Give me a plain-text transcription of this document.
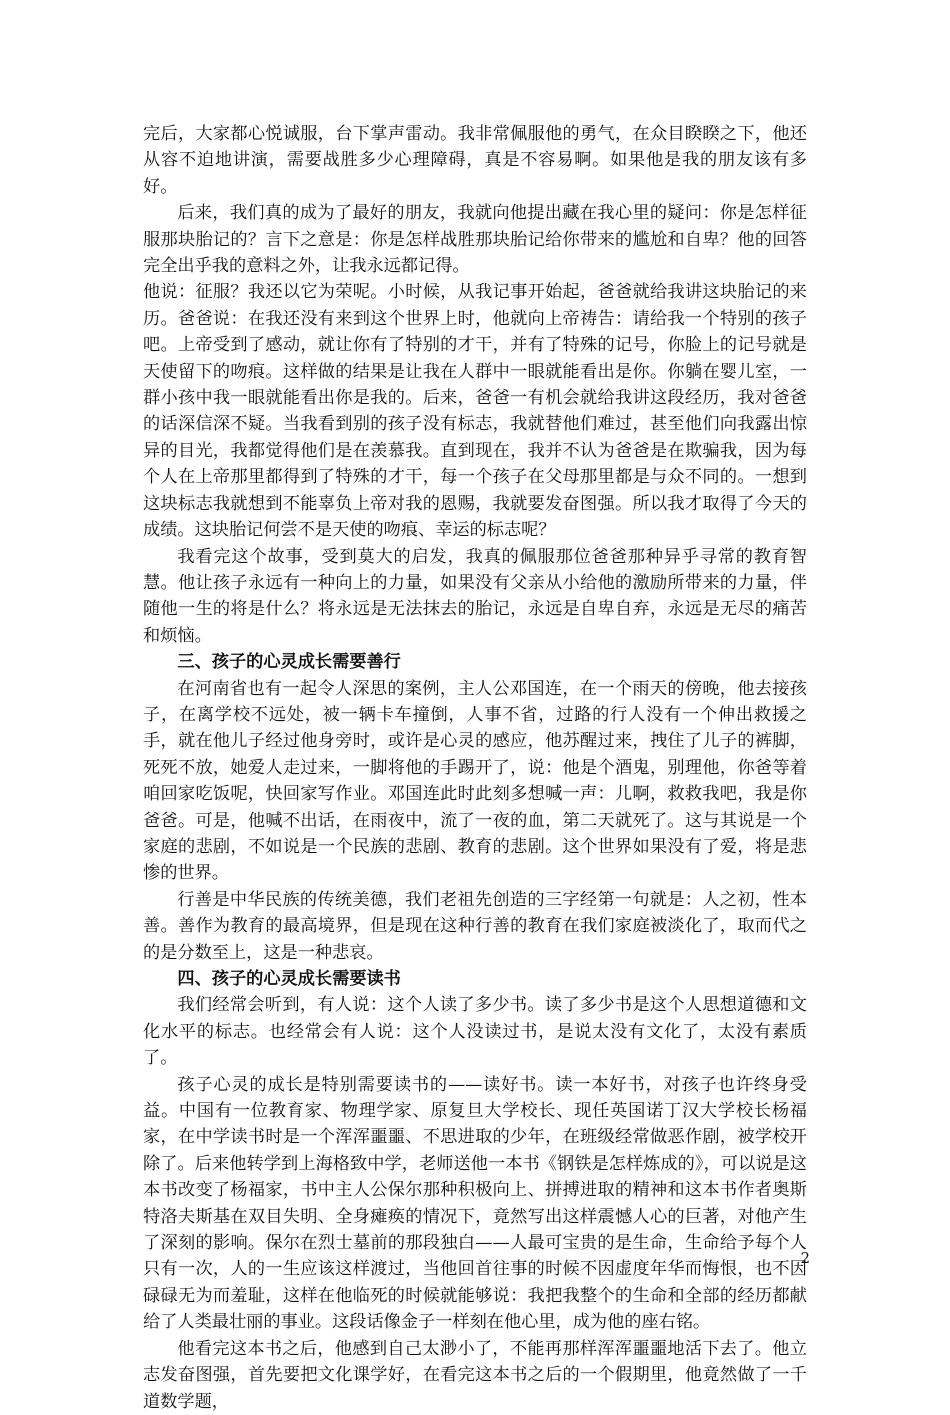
完后，大家都心悦诚服，台下掌声雷动。我非常佩服他的勇气，在众目睽睽之下，他还从容不迫地讲演，需要战胜多少心理障碍，真是不容易啊。如果他是我的朋友该有多好。

后来，我们真的成为了最好的朋友，我就向他提出藏在我心里的疑问：你是怎样征服那块胎记的？言下之意是：你是怎样战胜那块胎记给你带来的尴尬和自卑？他的回答完全出乎我的意料之外，让我永远都记得。

他说：征服？我还以它为荣呢。小时候，从我记事开始起，爸爸就给我讲这块胎记的来历。爸爸说：在我还没有来到这个世界上时，他就向上帝祷告：请给我一个特别的孩子吧。上帝受到了感动，就让你有了特别的才干，并有了特殊的记号，你脸上的记号就是天使留下的吻痕。这样做的结果是让我在人群中一眼就能看出是你。你躺在婴儿室，一群小孩中我一眼就能看出你是我的。后来，爸爸一有机会就给我讲这段经历，我对爸爸的话深信深不疑。当我看到别的孩子没有标志，我就替他们难过，甚至他们向我露出惊异的目光，我都觉得他们是在羡慕我。直到现在，我并不认为爸爸是在欺骗我，因为每个人在上帝那里都得到了特殊的才干，每一个孩子在父母那里都是与众不同的。一想到这块标志我就想到不能辜负上帝对我的恩赐，我就要发奋图强。所以我才取得了今天的成绩。这块胎记何尝不是天使的吻痕、幸运的标志呢？

我看完这个故事，受到莫大的启发，我真的佩服那位爸爸那种异乎寻常的教育智慧。他让孩子永远有一种向上的力量，如果没有父亲从小给他的激励所带来的力量，伴随他一生的将是什么？将永远是无法抹去的胎记，永远是自卑自弃，永远是无尽的痛苦和烦恼。

三、孩子的心灵成长需要善行

在河南省也有一起令人深思的案例，主人公邓国连，在一个雨天的傍晚，他去接孩子，在离学校不远处，被一辆卡车撞倒，人事不省，过路的行人没有一个伸出救援之手，就在他儿子经过他身旁时，或许是心灵的感应，他苏醒过来，拽住了儿子的裤脚，死死不放，她爱人走过来，一脚将他的手踢开了，说：他是个酒鬼，别理他，你爸等着咱回家吃饭呢，快回家写作业。邓国连此时此刻多想喊一声：儿啊，救救我吧，我是你爸爸。可是，他喊不出话，在雨夜中，流了一夜的血，第二天就死了。这与其说是一个家庭的悲剧，不如说是一个民族的悲剧、教育的悲剧。这个世界如果没有了爱，将是悲惨的世界。

行善是中华民族的传统美德，我们老祖先创造的三字经第一句就是：人之初，性本善。善作为教育的最高境界，但是现在这种行善的教育在我们家庭被淡化了，取而代之的是分数至上，这是一种悲哀。

四、孩子的心灵成长需要读书

我们经常会听到，有人说：这个人读了多少书。读了多少书是这个人思想道德和文化水平的标志。也经常会有人说：这个人没读过书，是说太没有文化了，太没有素质了。

孩子心灵的成长是特别需要读书的——读好书。读一本好书，对孩子也许终身受益。中国有一位教育家、物理学家、原复旦大学校长、现任英国诺丁汉大学校长杨福家，在中学读书时是一个浑浑噩噩、不思进取的少年，在班级经常做恶作剧，被学校开除了。后来他转学到上海格致中学，老师送他一本书《钢铁是怎样炼成的》，可以说是这本书改变了杨福家，书中主人公保尔那种积极向上、拼搏进取的精神和这本书作者奥斯特洛夫斯基在双目失明、全身瘫痪的情况下，竟然写出这样震憾人心的巨著，对他产生了深刻的影响。保尔在烈士墓前的那段独白——人最可宝贵的是生命，生命给予每个人只有一次，人的一生应该这样渡过，当他回首往事的时候不因虚度年华而悔恨，也不因碌碌无为而羞耻，这样在他临死的时候就能够说：我把我整个的生命和全部的经历都献给了人类最壮丽的事业。这段话像金子一样刻在他心里，成为他的座右铭。

他看完这本书之后，他感到自己太渺小了，不能再那样浑浑噩噩地活下去了。他立志发奋图强，首先要把文化课学好，在看完这本书之后的一个假期里，他竟然做了一千道数学题，

2
